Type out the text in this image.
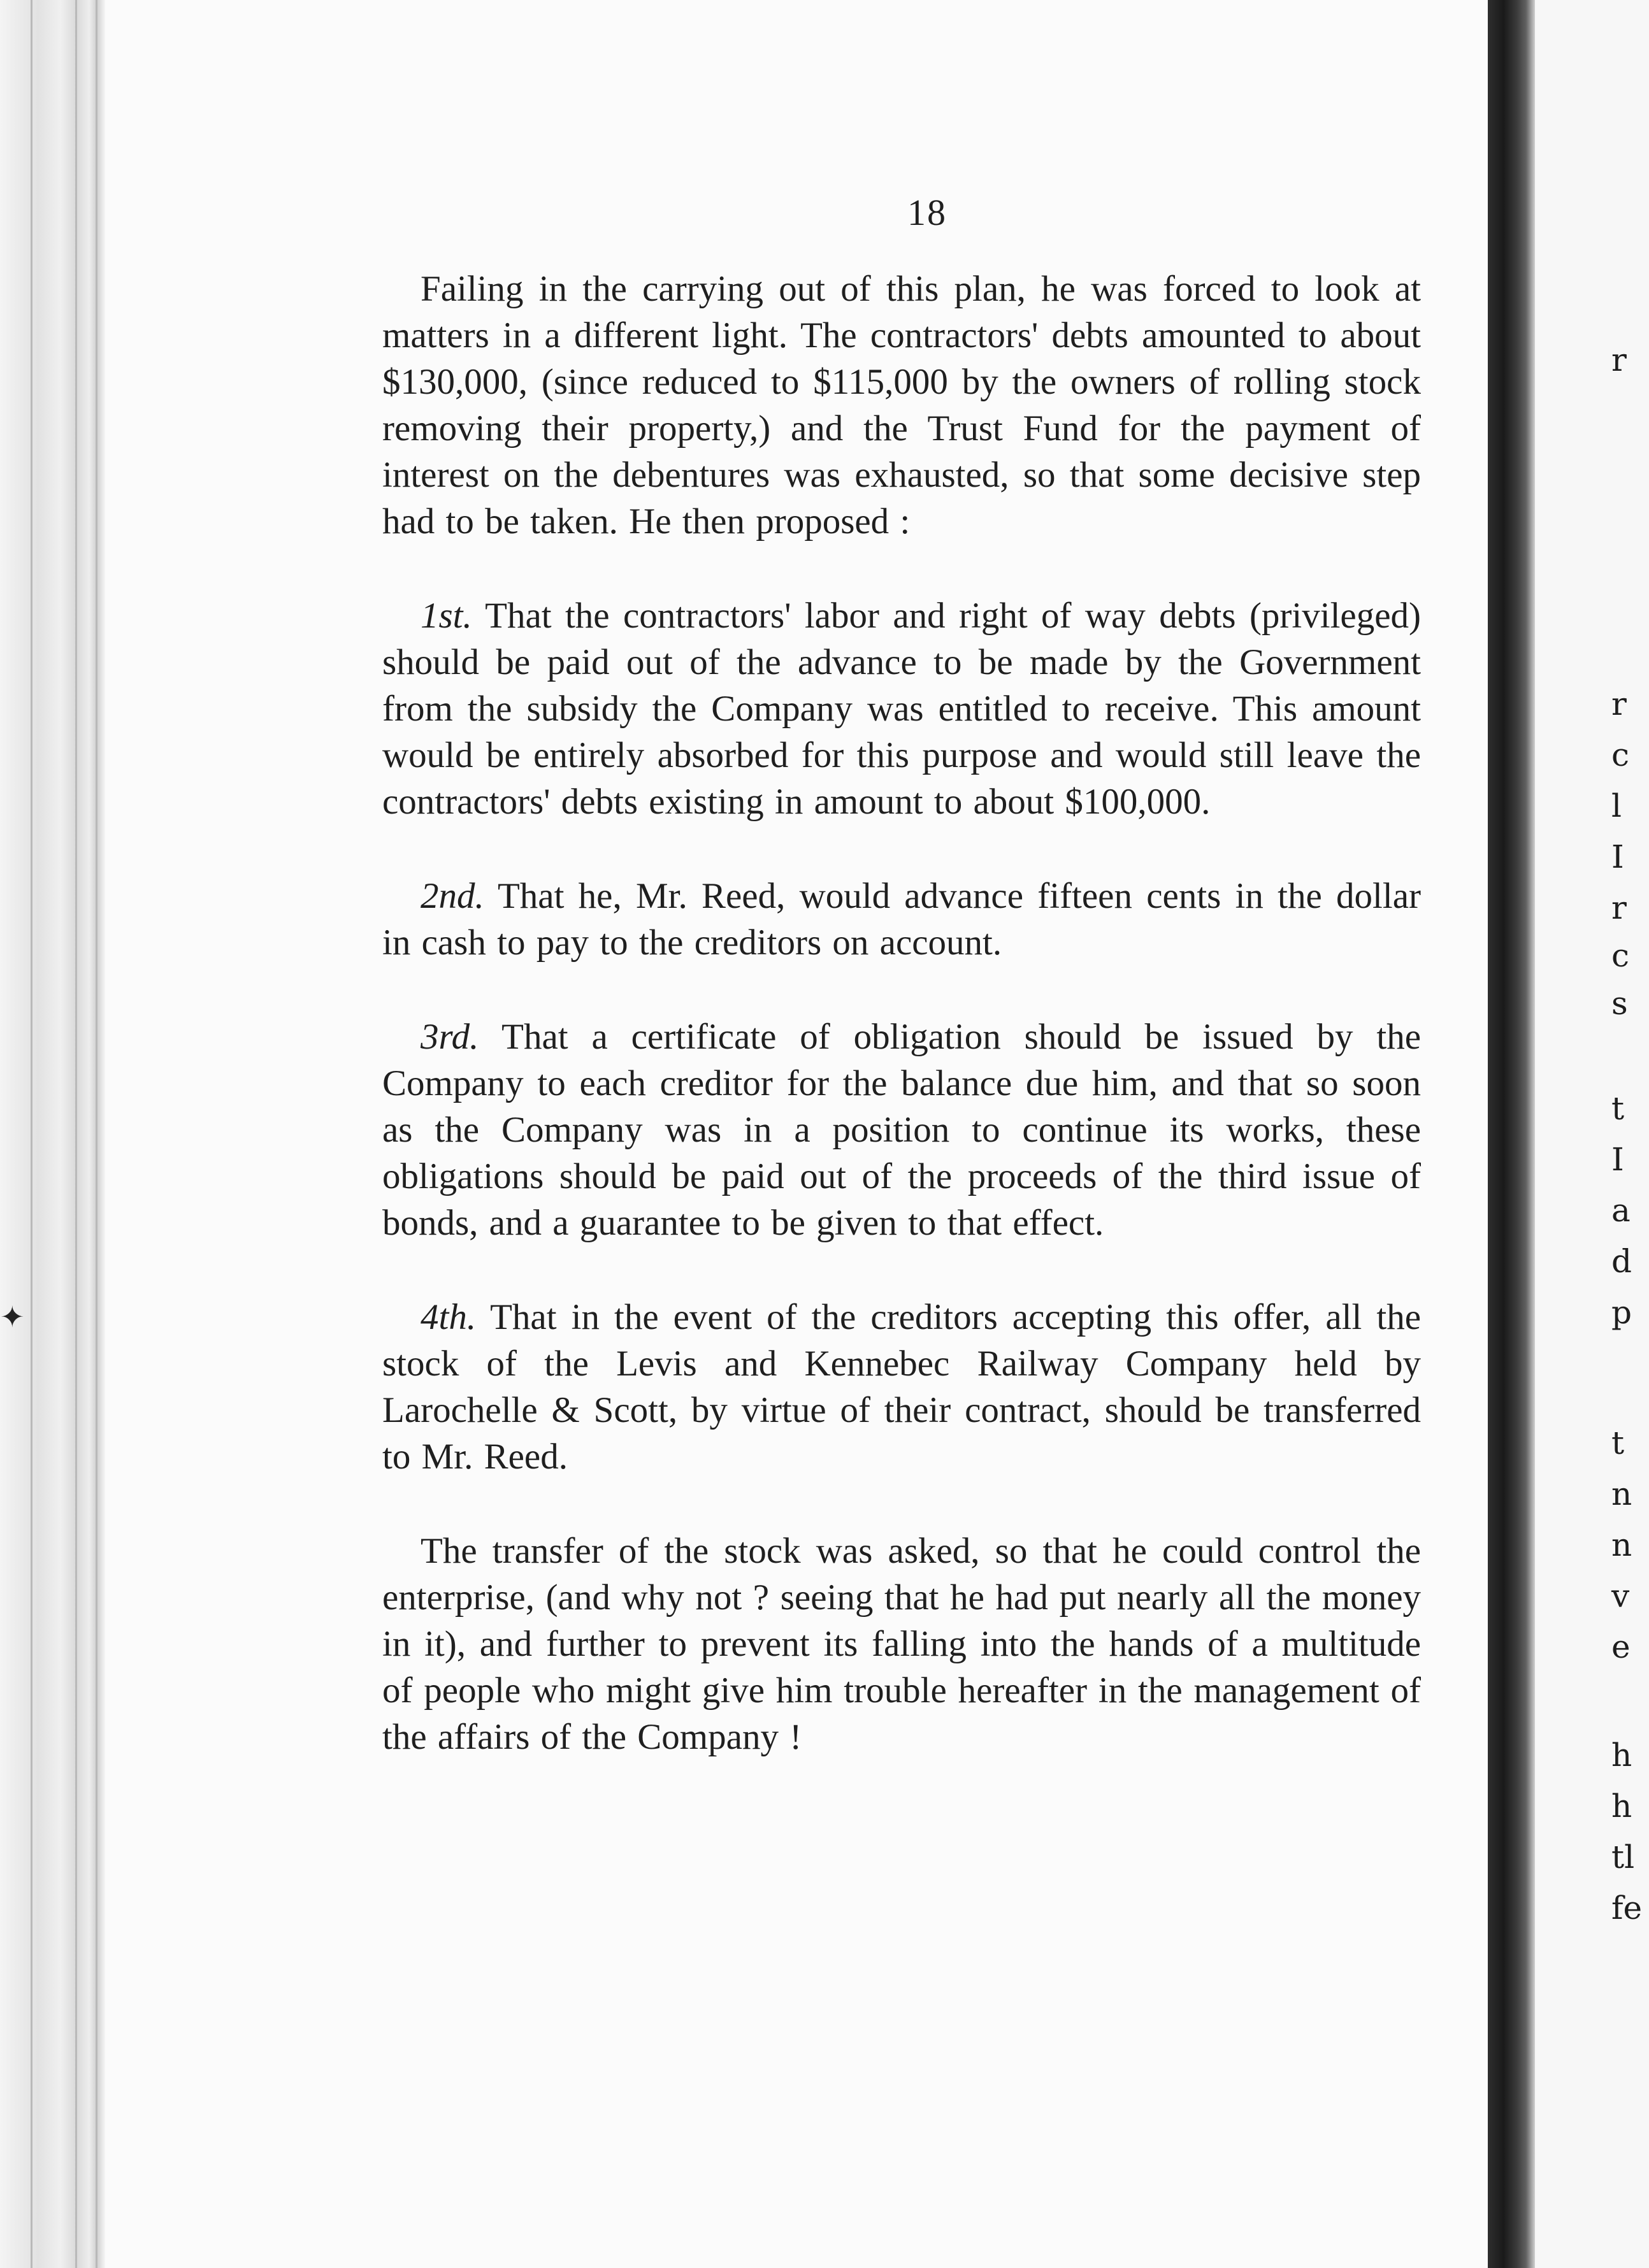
18

Failing in the carrying out of this plan, he was forced to look at matters in a different light. The contractors' debts amounted to about $130,000, (since reduced to $115,000 by the owners of rolling stock removing their property,) and the Trust Fund for the payment of interest on the debentures was exhausted, so that some decisive step had to be taken. He then proposed :

1st. That the contractors' labor and right of way debts (privileged) should be paid out of the advance to be made by the Government from the subsidy the Company was entitled to receive. This amount would be entirely absorbed for this purpose and would still leave the contractors' debts existing in amount to about $100,000.

2nd. That he, Mr. Reed, would advance fifteen cents in the dollar in cash to pay to the creditors on account.

3rd. That a certificate of obligation should be issued by the Company to each creditor for the balance due him, and that so soon as the Company was in a position to continue its works, these obligations should be paid out of the proceeds of the third issue of bonds, and a guarantee to be given to that effect.

4th. That in the event of the creditors accepting this offer, all the stock of the Levis and Kennebec Railway Company held by Larochelle & Scott, by virtue of their contract, should be transferred to Mr. Reed.

The transfer of the stock was asked, so that he could control the enterprise, (and why not ? seeing that he had put nearly all the money in it), and further to prevent its falling into the hands of a multitude of people who might give him trouble hereafter in the management of the affairs of the Company !

✦
r
r
c
l
I
r
c
s
t
I
a
d
p
t
n
n
v
e
h
h
tl
fe
